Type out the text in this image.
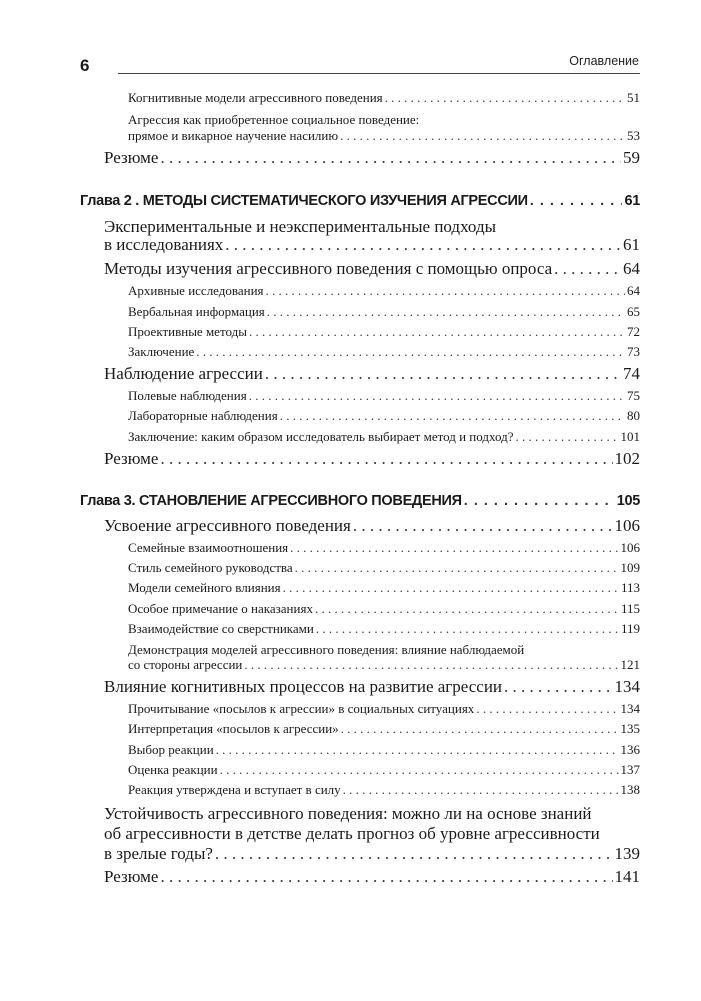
6	Оглавление
Когнитивные модели агрессивного поведения . . .	51
Агрессия как приобретенное социальное поведение:
прямое и викарное научение насилию . . .	53
Резюме . . .	59
Глава 2 . МЕТОДЫ СИСТЕМАТИЧЕСКОГО ИЗУЧЕНИЯ АГРЕССИИ . . .	61
Экспериментальные и неэкспериментальные подходы
в исследованиях . . .	61
Методы изучения агрессивного поведения с помощью опроса . . .	64
Архивные исследования . . .	64
Вербальная информация . . .	65
Проективные методы . . .	72
Заключение . . .	73
Наблюдение агрессии . . .	74
Полевые наблюдения . . .	75
Лабораторные наблюдения . . .	80
Заключение: каким образом исследователь выбирает метод и подход? . . .	101
Резюме . . .	102
Глава 3. СТАНОВЛЕНИЕ АГРЕССИВНОГО ПОВЕДЕНИЯ . . .	105
Усвоение агрессивного поведения . . .	106
Семейные взаимоотношения . . .	106
Стиль семейного руководства . . .	109
Модели семейного влияния . . .	113
Особое примечание о наказаниях . . .	115
Взаимодействие со сверстниками . . .	119
Демонстрация моделей агрессивного поведения: влияние наблюдаемой
со стороны агрессии . . .	121
Влияние когнитивных процессов на развитие агрессии . . .	134
Прочитывание «посылов к агрессии» в социальных ситуациях . . .	134
Интерпретация «посылов к агрессии» . . .	135
Выбор реакции . . .	136
Оценка реакции . . .	137
Реакция утверждена и вступает в силу . . .	138
Устойчивость агрессивного поведения: можно ли на основе знаний
об агрессивности в детстве делать прогноз об уровне агрессивности
в зрелые годы? . . .	139
Резюме . . .	141
